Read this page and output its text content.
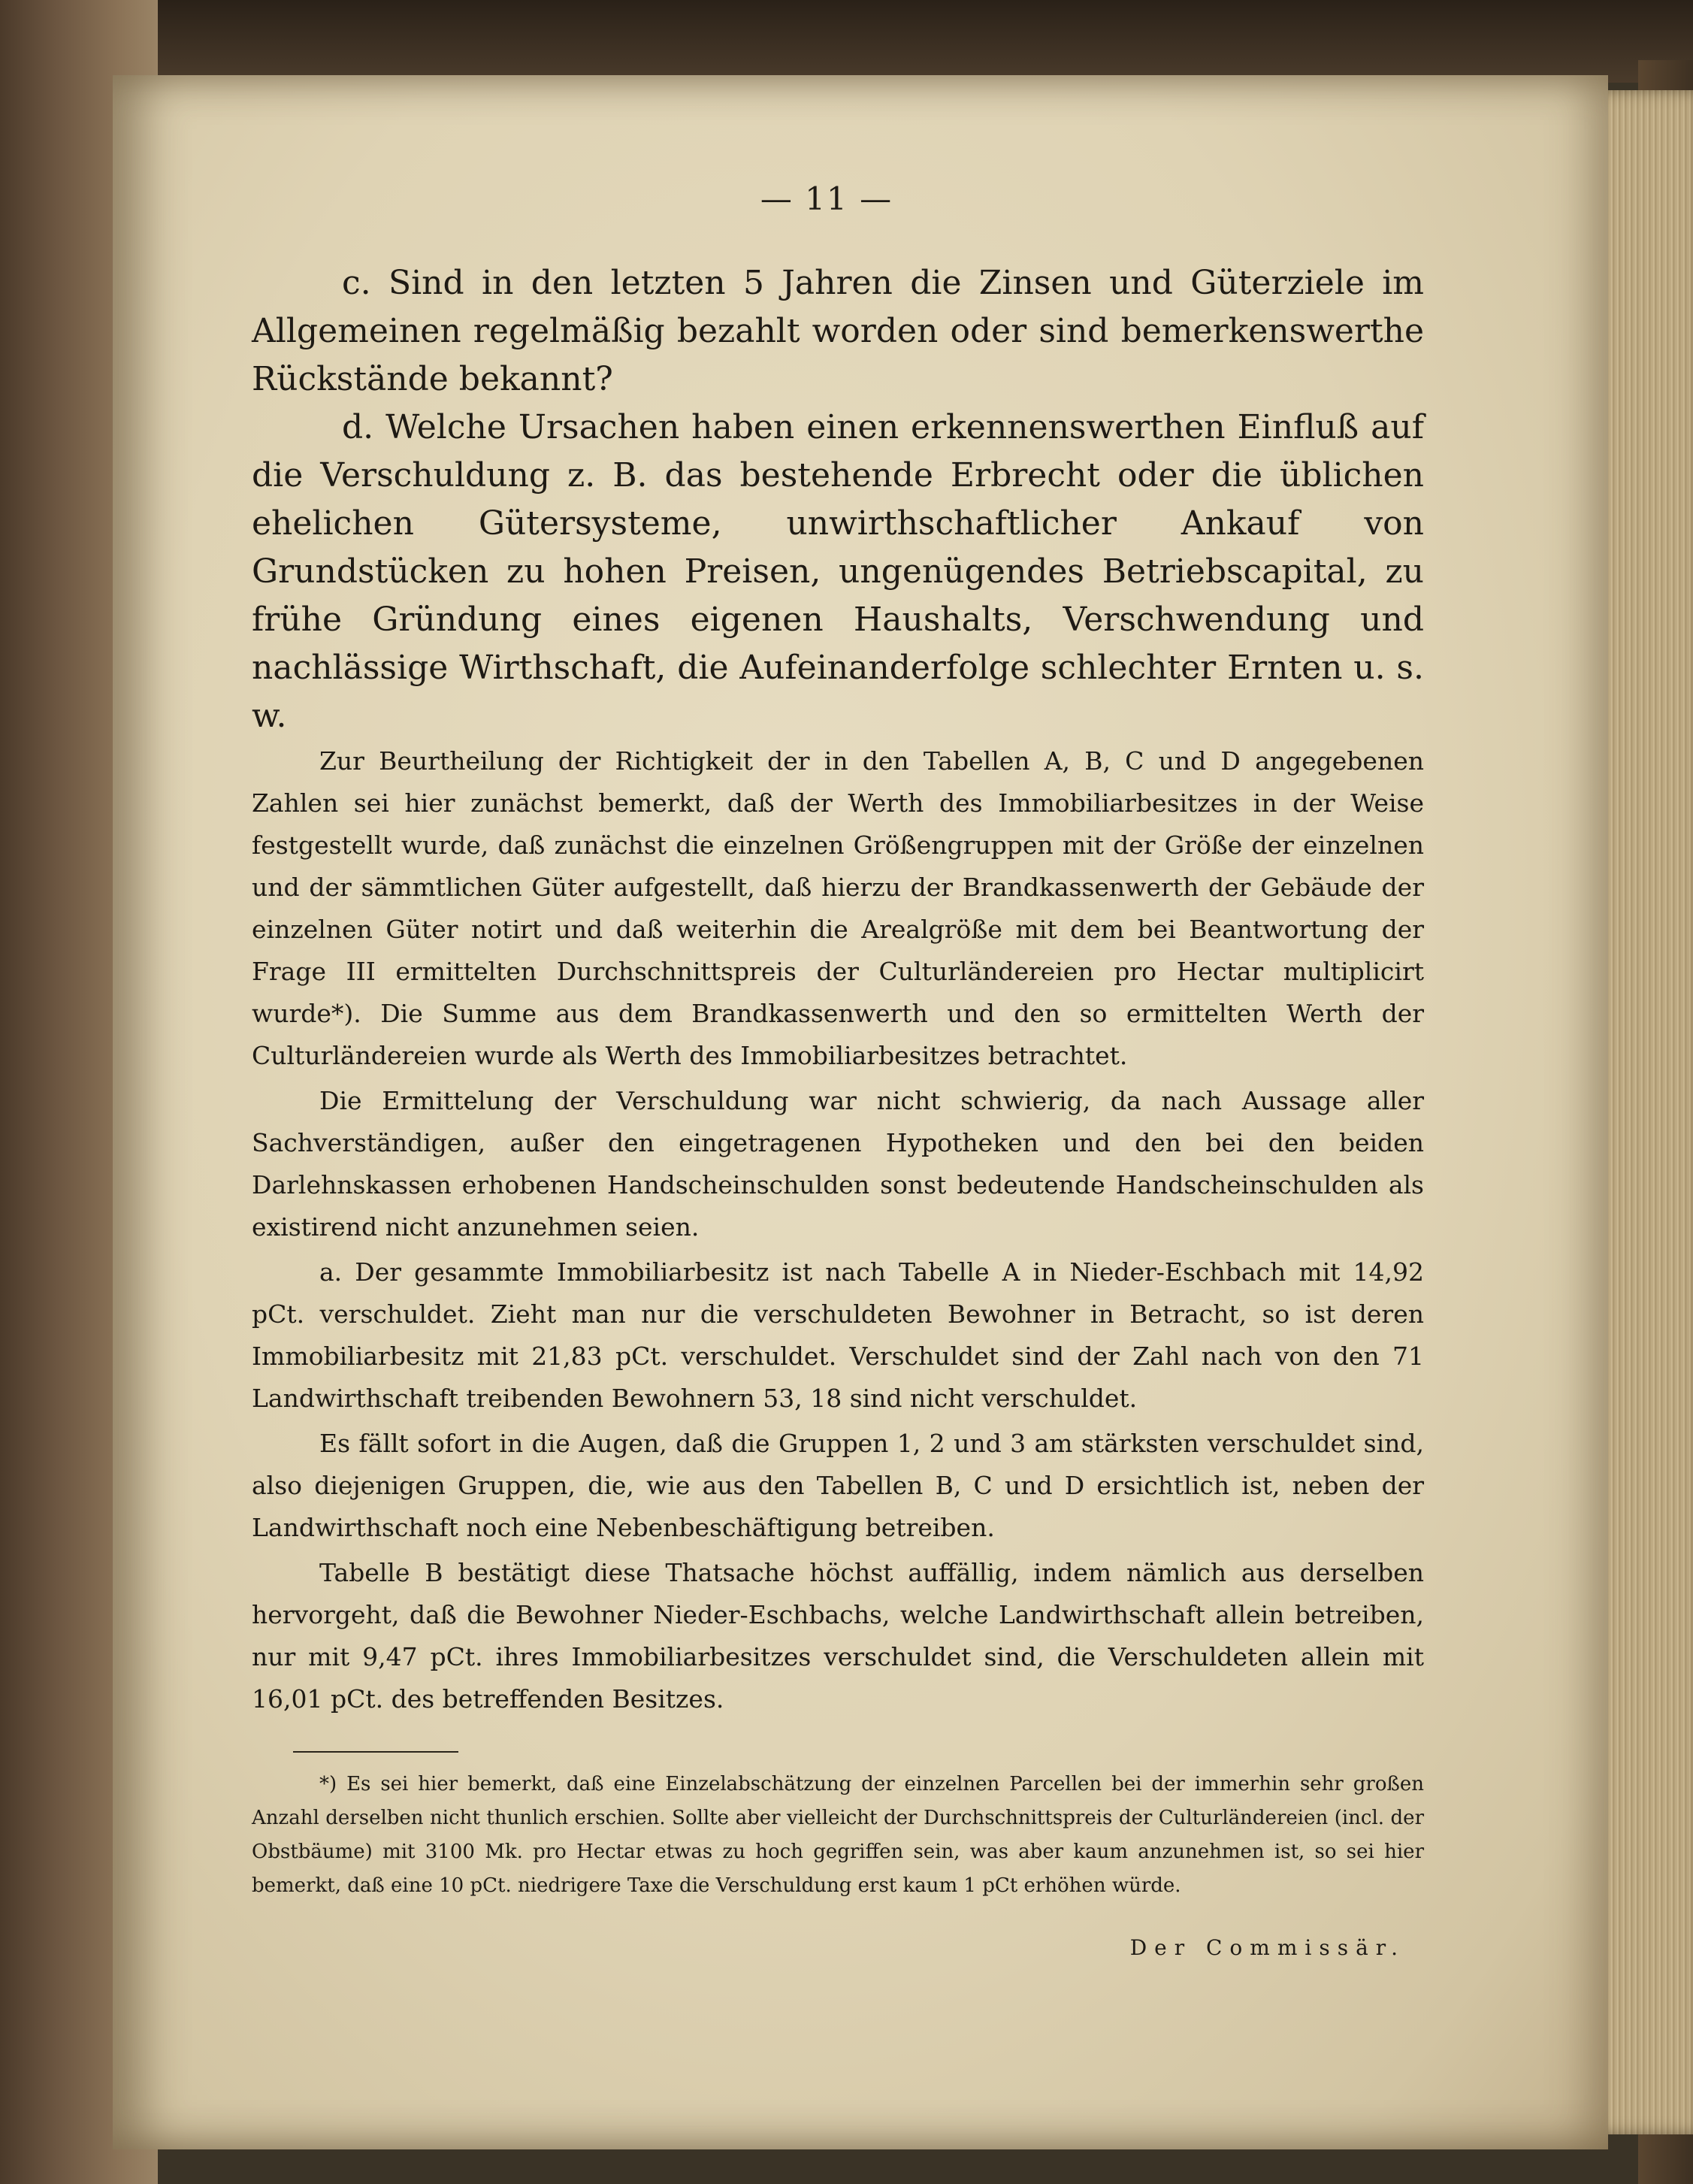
— 11 —

c. Sind in den letzten 5 Jahren die Zinsen und Güterziele im Allgemeinen regelmäßig bezahlt worden oder sind bemerkenswerthe Rückstände bekannt?

d. Welche Ursachen haben einen erkennenswerthen Einfluß auf die Verschuldung z. B. das bestehende Erbrecht oder die üblichen ehelichen Gütersysteme, unwirthschaftlicher Ankauf von Grundstücken zu hohen Preisen, ungenügendes Betriebscapital, zu frühe Gründung eines eigenen Haushalts, Verschwendung und nachlässige Wirthschaft, die Aufeinanderfolge schlechter Ernten u. s. w.

Zur Beurtheilung der Richtigkeit der in den Tabellen A, B, C und D angegebenen Zahlen sei hier zunächst bemerkt, daß der Werth des Immobiliarbesitzes in der Weise festgestellt wurde, daß zunächst die einzelnen Größengruppen mit der Größe der einzelnen und der sämmtlichen Güter aufgestellt, daß hierzu der Brandkassenwerth der Gebäude der einzelnen Güter notirt und daß weiterhin die Arealgröße mit dem bei Beantwortung der Frage III ermittelten Durchschnittspreis der Culturländereien pro Hectar multiplicirt wurde*). Die Summe aus dem Brandkassenwerth und den so ermittelten Werth der Culturländereien wurde als Werth des Immobiliarbesitzes betrachtet.

Die Ermittelung der Verschuldung war nicht schwierig, da nach Aussage aller Sachverständigen, außer den eingetragenen Hypotheken und den bei den beiden Darlehnskassen erhobenen Handscheinschulden sonst bedeutende Handscheinschulden als existirend nicht anzunehmen seien.

a. Der gesammte Immobiliarbesitz ist nach Tabelle A in Nieder-Eschbach mit 14,92 pCt. verschuldet. Zieht man nur die verschuldeten Bewohner in Betracht, so ist deren Immobiliarbesitz mit 21,83 pCt. verschuldet. Verschuldet sind der Zahl nach von den 71 Landwirthschaft treibenden Bewohnern 53, 18 sind nicht verschuldet.

Es fällt sofort in die Augen, daß die Gruppen 1, 2 und 3 am stärksten verschuldet sind, also diejenigen Gruppen, die, wie aus den Tabellen B, C und D ersichtlich ist, neben der Landwirthschaft noch eine Nebenbeschäftigung betreiben.

Tabelle B bestätigt diese Thatsache höchst auffällig, indem nämlich aus derselben hervorgeht, daß die Bewohner Nieder-Eschbachs, welche Landwirthschaft allein betreiben, nur mit 9,47 pCt. ihres Immobiliarbesitzes verschuldet sind, die Verschuldeten allein mit 16,01 pCt. des betreffenden Besitzes.

*) Es sei hier bemerkt, daß eine Einzelabschätzung der einzelnen Parcellen bei der immerhin sehr großen Anzahl derselben nicht thunlich erschien. Sollte aber vielleicht der Durchschnittspreis der Culturländereien (incl. der Obstbäume) mit 3100 Mk. pro Hectar etwas zu hoch gegriffen sein, was aber kaum anzunehmen ist, so sei hier bemerkt, daß eine 10 pCt. niedrigere Taxe die Verschuldung erst kaum 1 pCt erhöhen würde.

Der Commissär.
